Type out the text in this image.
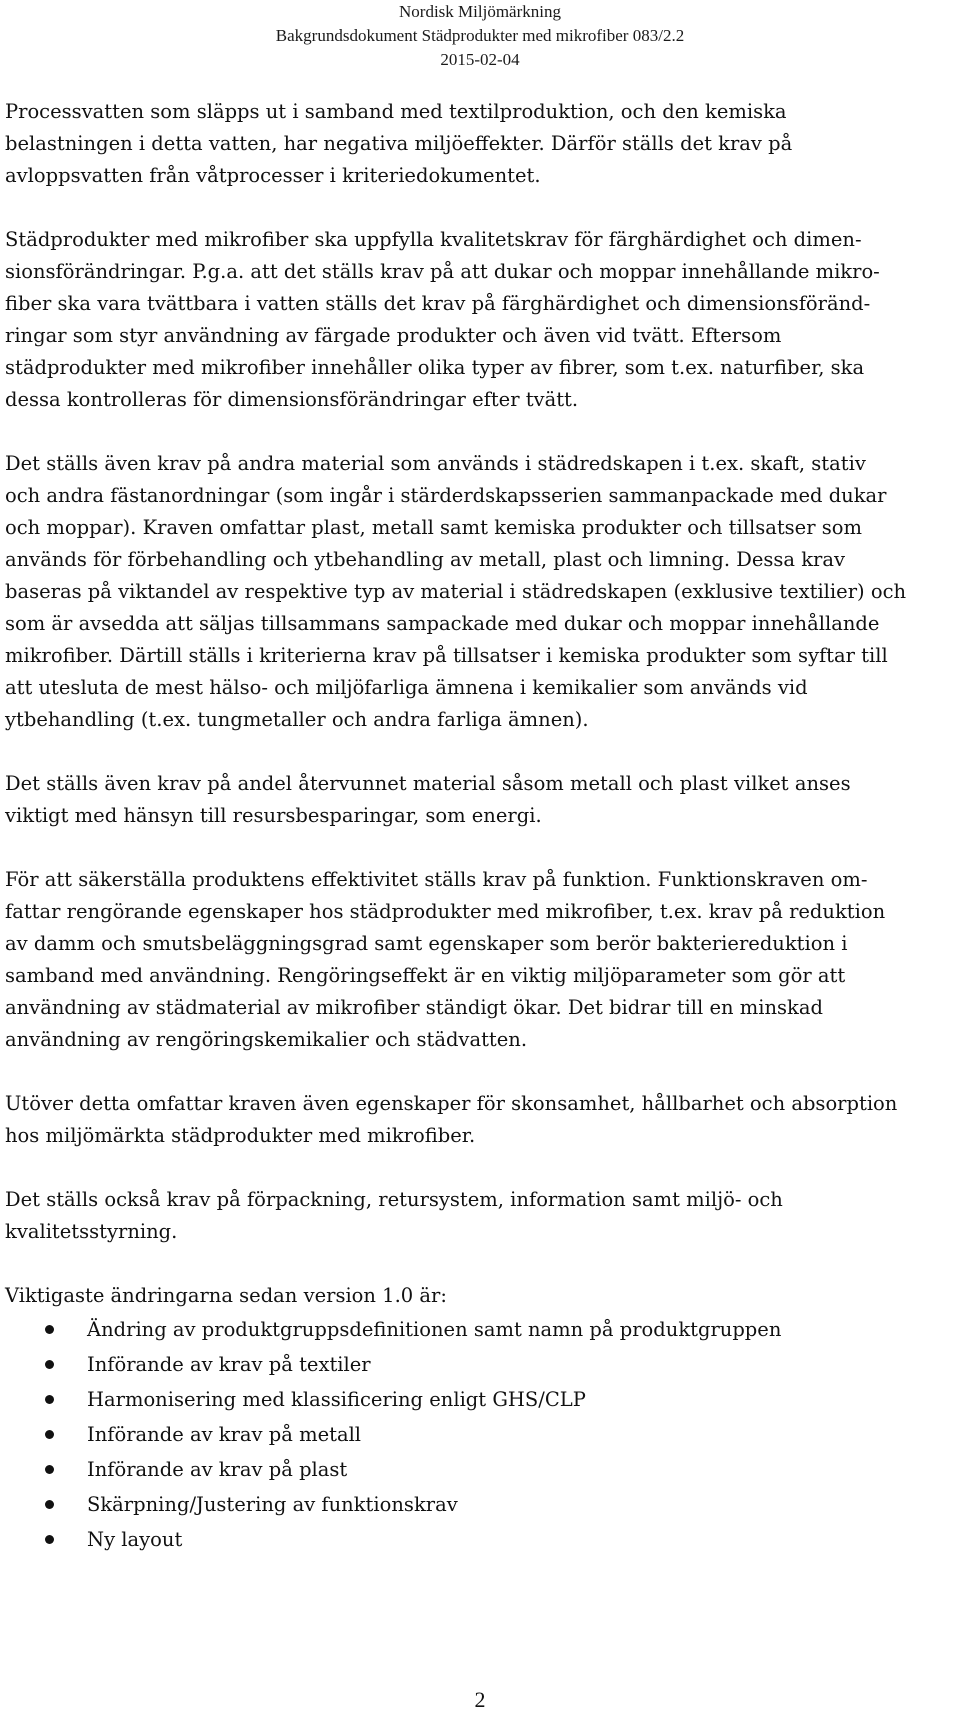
Nordisk Miljömärkning
Bakgrundsdokument Städprodukter med mikrofiber 083/2.2
2015-02-04

Processvatten som släpps ut i samband med textilproduktion, och den kemiska
belastningen i detta vatten, har negativa miljöeffekter. Därför ställs det krav på
avloppsvatten från våtprocesser i kriteriedokumentet.

Städprodukter med mikrofiber ska uppfylla kvalitetskrav för färghärdighet och dimen-
sionsförändringar. P.g.a. att det ställs krav på att dukar och moppar innehållande mikro-
fiber ska vara tvättbara i vatten ställs det krav på färghärdighet och dimensionsföränd-
ringar som styr användning av färgade produkter och även vid tvätt. Eftersom
städprodukter med mikrofiber innehåller olika typer av fibrer, som t.ex. naturfiber, ska
dessa kontrolleras för dimensionsförändringar efter tvätt.

Det ställs även krav på andra material som används i städredskapen i t.ex. skaft, stativ
och andra fästanordningar (som ingår i stärderdskapsserien sammanpackade med dukar
och moppar). Kraven omfattar plast, metall samt kemiska produkter och tillsatser som
används för förbehandling och ytbehandling av metall, plast och limning. Dessa krav
baseras på viktandel av respektive typ av material i städredskapen (exklusive textilier) och
som är avsedda att säljas tillsammans sampackade med dukar och moppar innehållande
mikrofiber. Därtill ställs i kriterierna krav på tillsatser i kemiska produkter som syftar till
att utesluta de mest hälso- och miljöfarliga ämnena i kemikalier som används vid
ytbehandling (t.ex. tungmetaller och andra farliga ämnen).

Det ställs även krav på andel återvunnet material såsom metall och plast vilket anses
viktigt med hänsyn till resursbesparingar, som energi.

För att säkerställa produktens effektivitet ställs krav på funktion. Funktionskraven om-
fattar rengörande egenskaper hos städprodukter med mikrofiber, t.ex. krav på reduktion
av damm och smutsbeläggningsgrad samt egenskaper som berör bakteriereduktion i
samband med användning. Rengöringseffekt är en viktig miljöparameter som gör att
användning av städmaterial av mikrofiber ständigt ökar. Det bidrar till en minskad
användning av rengöringskemikalier och städvatten.

Utöver detta omfattar kraven även egenskaper för skonsamhet, hållbarhet och absorption
hos miljömärkta städprodukter med mikrofiber.

Det ställs också krav på förpackning, retursystem, information samt miljö- och
kvalitetsstyrning.

Viktigaste ändringarna sedan version 1.0 är:

Ändring av produktgruppsdefinitionen samt namn på produktgruppen
Införande av krav på textiler
Harmonisering med klassificering enligt GHS/CLP
Införande av krav på metall
Införande av krav på plast
Skärpning/Justering av funktionskrav
Ny layout
2
